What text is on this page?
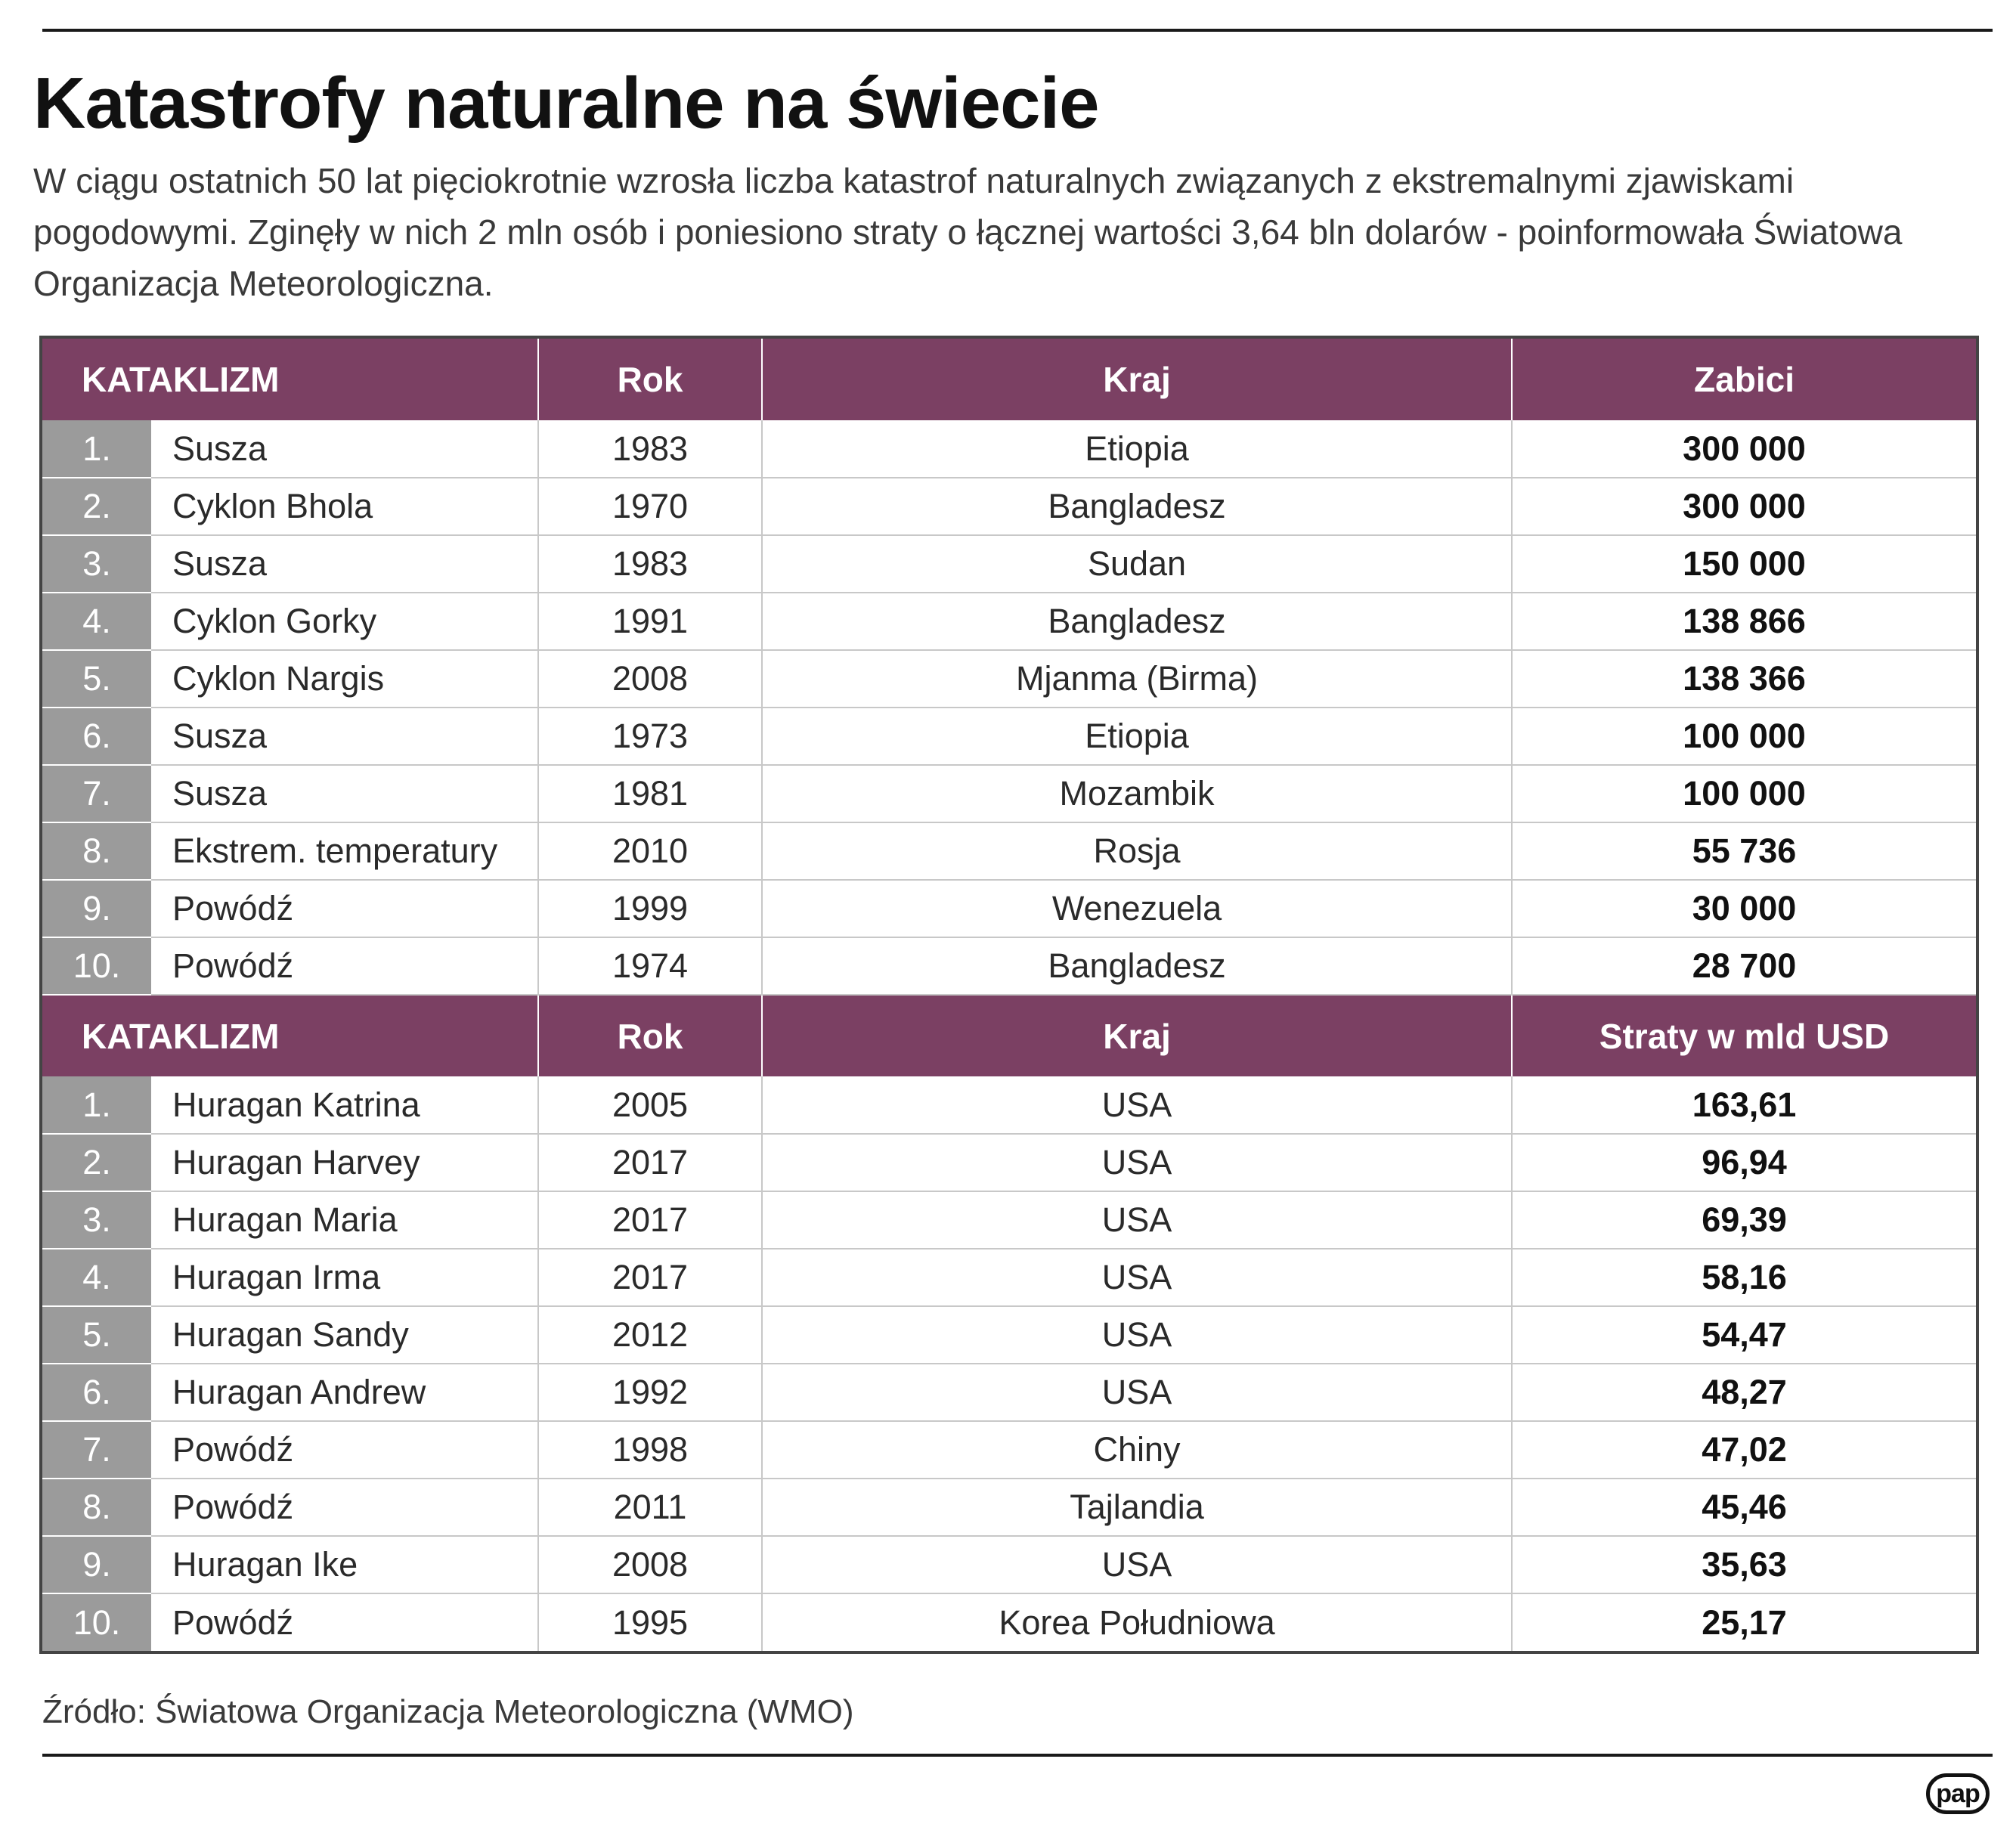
Katastrofy naturalne na świecie

W ciągu ostatnich 50 lat pięciokrotnie wzrosła liczba katastrof naturalnych związanych z ekstremalnymi zjawiskami pogodowymi. Zginęły w nich 2 mln osób i poniesiono straty o łącznej wartości 3,64 bln dolarów - poinformowała Światowa Organizacja Meteorologiczna.

KATAKLIZM		Rok	Kraj	Zabici
1.	Susza	1983	Etiopia	300 000
2.	Cyklon Bhola	1970	Bangladesz	300 000
3.	Susza	1983	Sudan	150 000
4.	Cyklon Gorky	1991	Bangladesz	138 866
5.	Cyklon Nargis	2008	Mjanma (Birma)	138 366
6.	Susza	1973	Etiopia	100 000
7.	Susza	1981	Mozambik	100 000
8.	Ekstrem. temperatury	2010	Rosja	55 736
9.	Powódź	1999	Wenezuela	30 000
10.	Powódź	1974	Bangladesz	28 700
KATAKLIZM		Rok	Kraj	Straty w mld USD
1.	Huragan Katrina	2005	USA	163,61
2.	Huragan Harvey	2017	USA	96,94
3.	Huragan Maria	2017	USA	69,39
4.	Huragan Irma	2017	USA	58,16
5.	Huragan Sandy	2012	USA	54,47
6.	Huragan Andrew	1992	USA	48,27
7.	Powódź	1998	Chiny	47,02
8.	Powódź	2011	Tajlandia	45,46
9.	Huragan Ike	2008	USA	35,63
10.	Powódź	1995	Korea Południowa	25,17
Źródło: Światowa Organizacja Meteorologiczna (WMO)
pap
